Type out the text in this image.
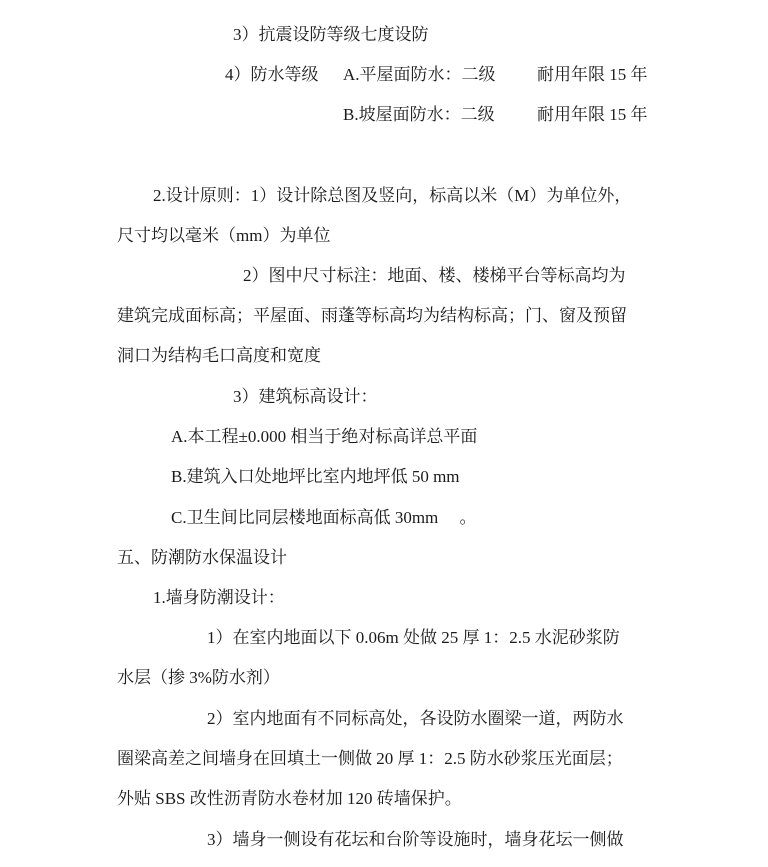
3）抗震设防等级七度设防
4）防水等级 A.平屋面防水：二级 耐用年限 15 年
B.坡屋面防水：二级 耐用年限 15 年
2.设计原则：1）设计除总图及竖向，标高以米（M）为单位外，
尺寸均以毫米（mm）为单位
2）图中尺寸标注：地面、楼、楼梯平台等标高均为
建筑完成面标高；平屋面、雨蓬等标高均为结构标高；门、窗及预留
洞口为结构毛口高度和宽度
3）建筑标高设计：
A.本工程±0.000 相当于绝对标高详总平面
B.建筑入口处地坪比室内地坪低 50 mm
C.卫生间比同层楼地面标高低 30mm　 。
五、防潮防水保温设计
1.墙身防潮设计：
1）在室内地面以下 0.06m 处做 25 厚 1：2.5 水泥砂浆防
水层（掺 3%防水剂）
2）室内地面有不同标高处，各设防水圈梁一道，两防水
圈梁高差之间墙身在回填土一侧做 20 厚 1：2.5 防水砂浆压光面层；
外贴 SBS 改性沥青防水卷材加 120 砖墙保护。
3）墙身一侧设有花坛和台阶等设施时，墙身花坛一侧做
